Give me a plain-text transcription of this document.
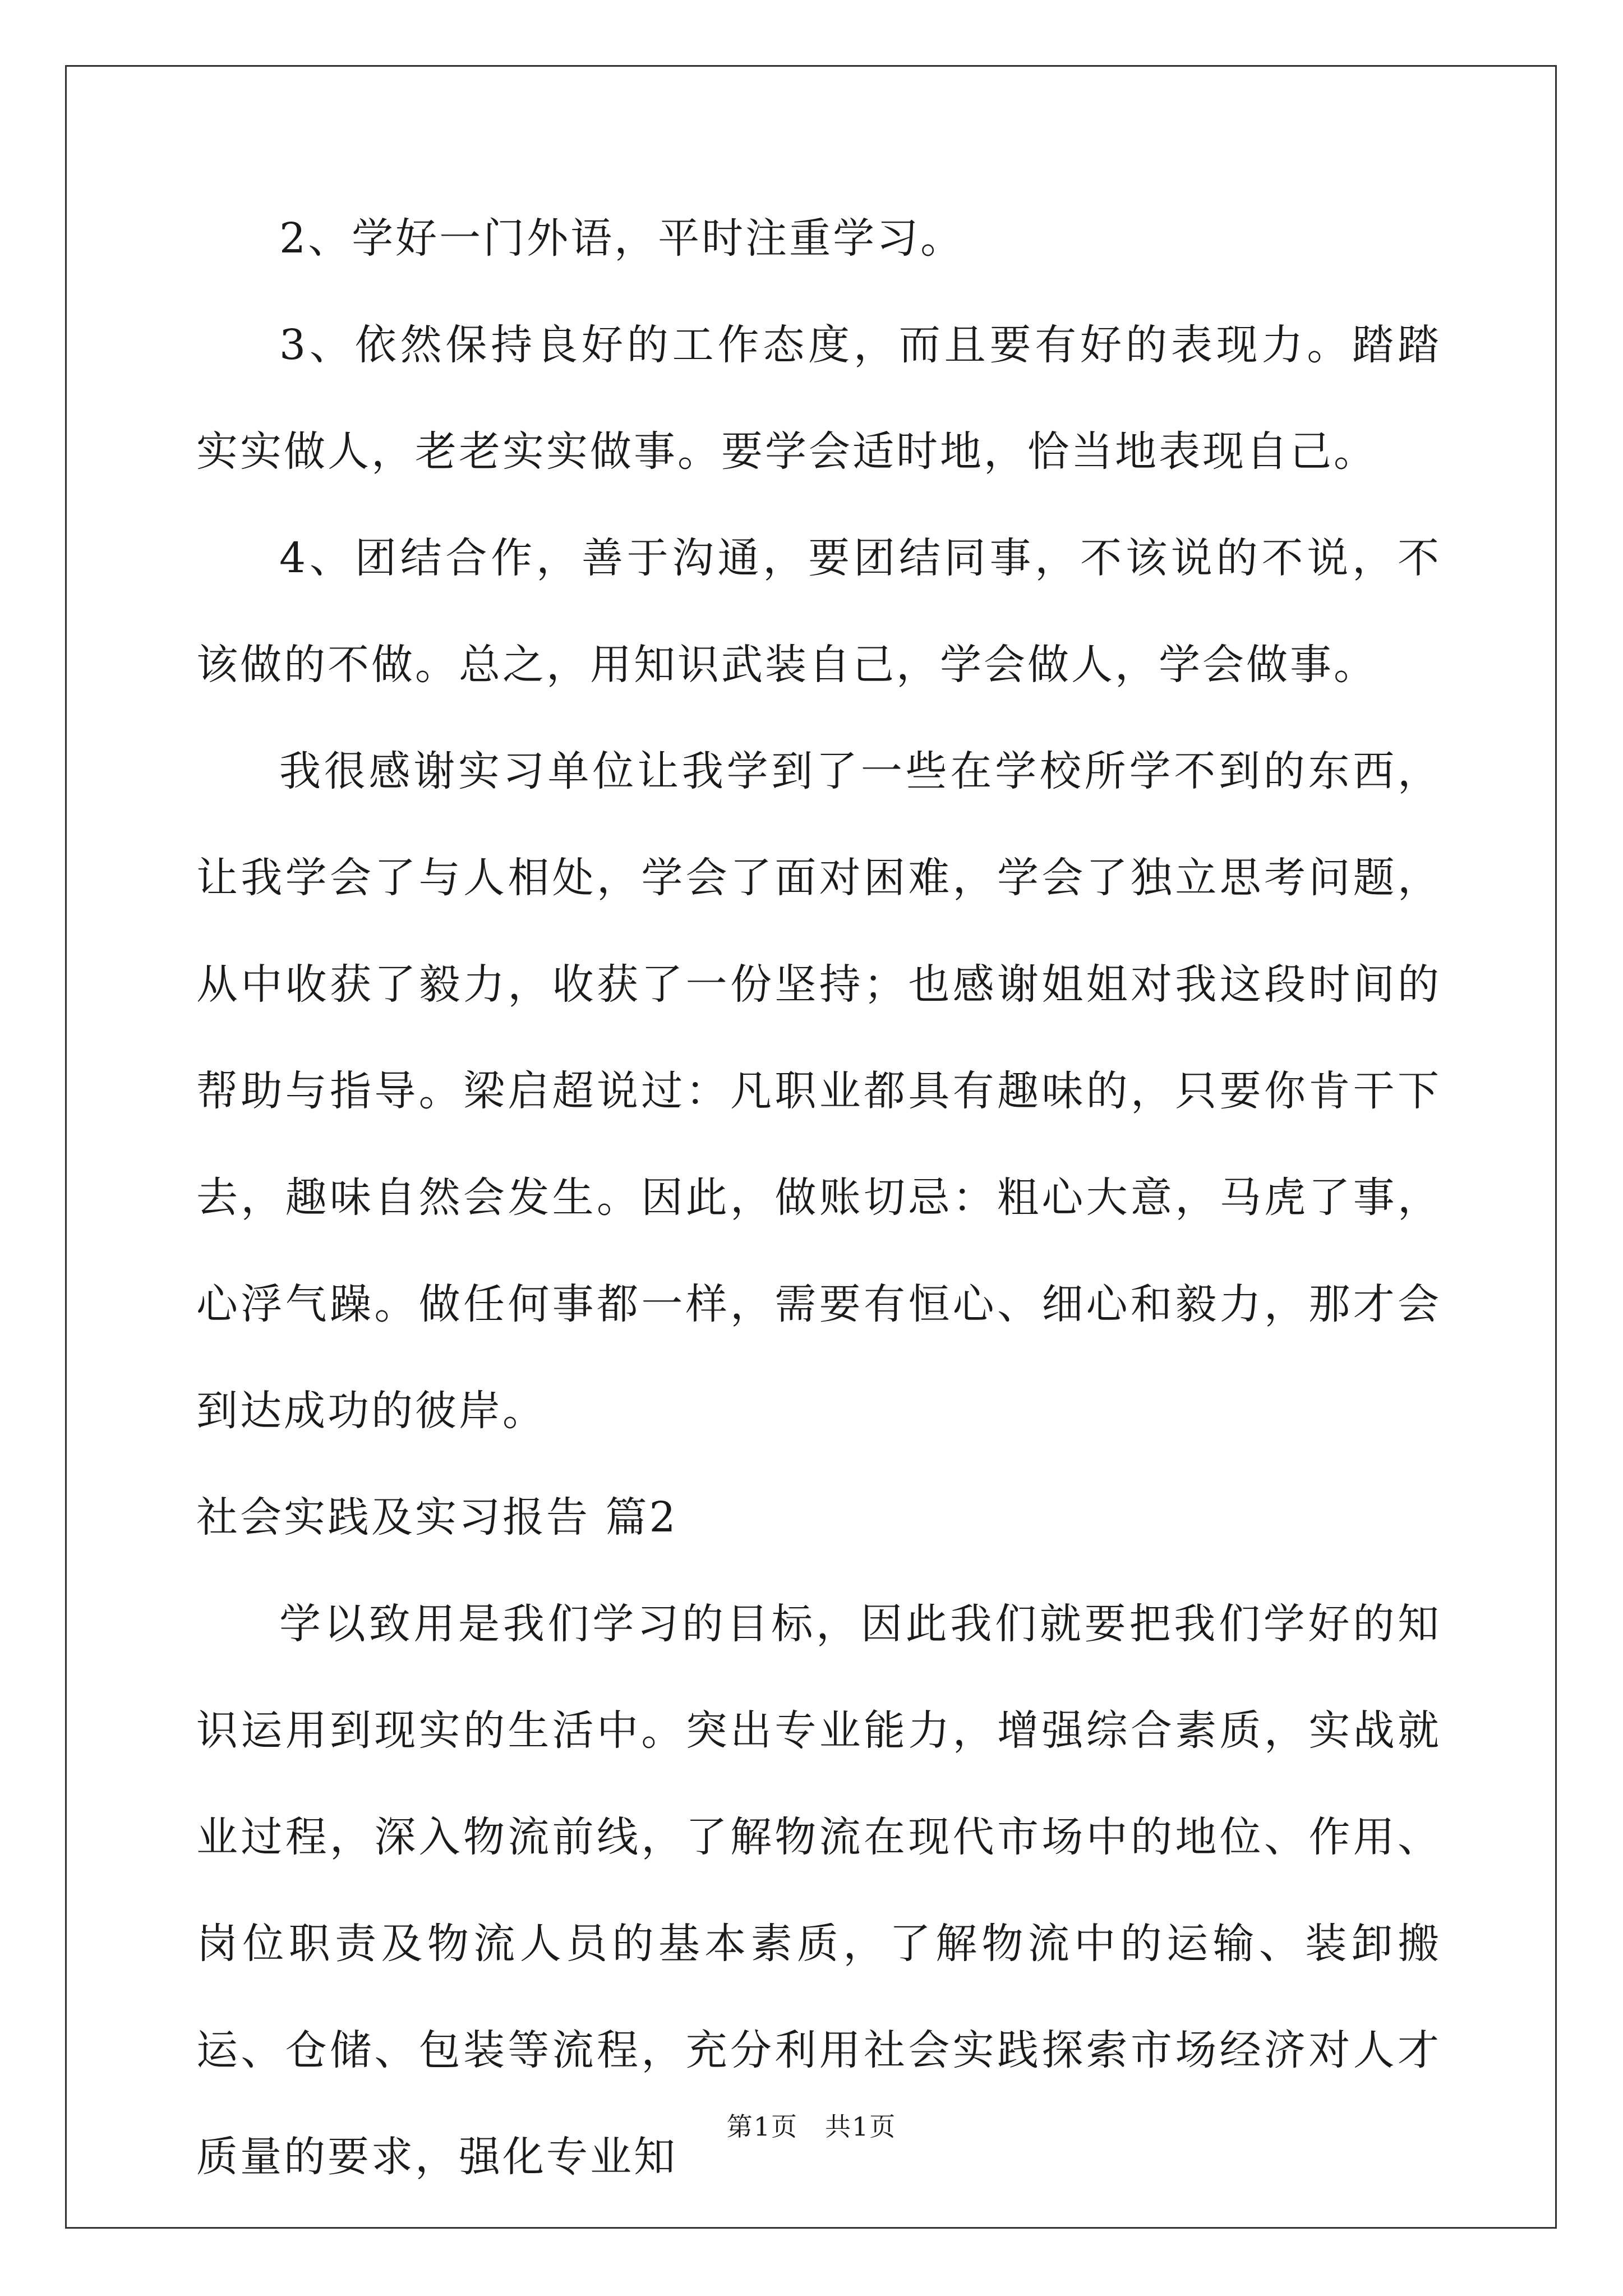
2、学好一门外语，平时注重学习。

3、依然保持良好的工作态度，而且要有好的表现力。踏踏实实做人，老老实实做事。要学会适时地，恰当地表现自己。

4、团结合作，善于沟通，要团结同事，不该说的不说，不该做的不做。总之，用知识武装自己，学会做人，学会做事。

我很感谢实习单位让我学到了一些在学校所学不到的东西，让我学会了与人相处，学会了面对困难，学会了独立思考问题，从中收获了毅力，收获了一份坚持；也感谢姐姐对我这段时间的帮助与指导。梁启超说过：凡职业都具有趣味的，只要你肯干下去，趣味自然会发生。因此，做账切忌：粗心大意，马虎了事，心浮气躁。做任何事都一样，需要有恒心、细心和毅力，那才会到达成功的彼岸。

社会实践及实习报告 篇2

学以致用是我们学习的目标，因此我们就要把我们学好的知识运用到现实的生活中。突出专业能力，增强综合素质，实战就业过程，深入物流前线，了解物流在现代市场中的地位、作用、岗位职责及物流人员的基本素质，了解物流中的运输、装卸搬运、仓储、包装等流程，充分利用社会实践探索市场经济对人才质量的要求，强化专业知

第1页　共1页
